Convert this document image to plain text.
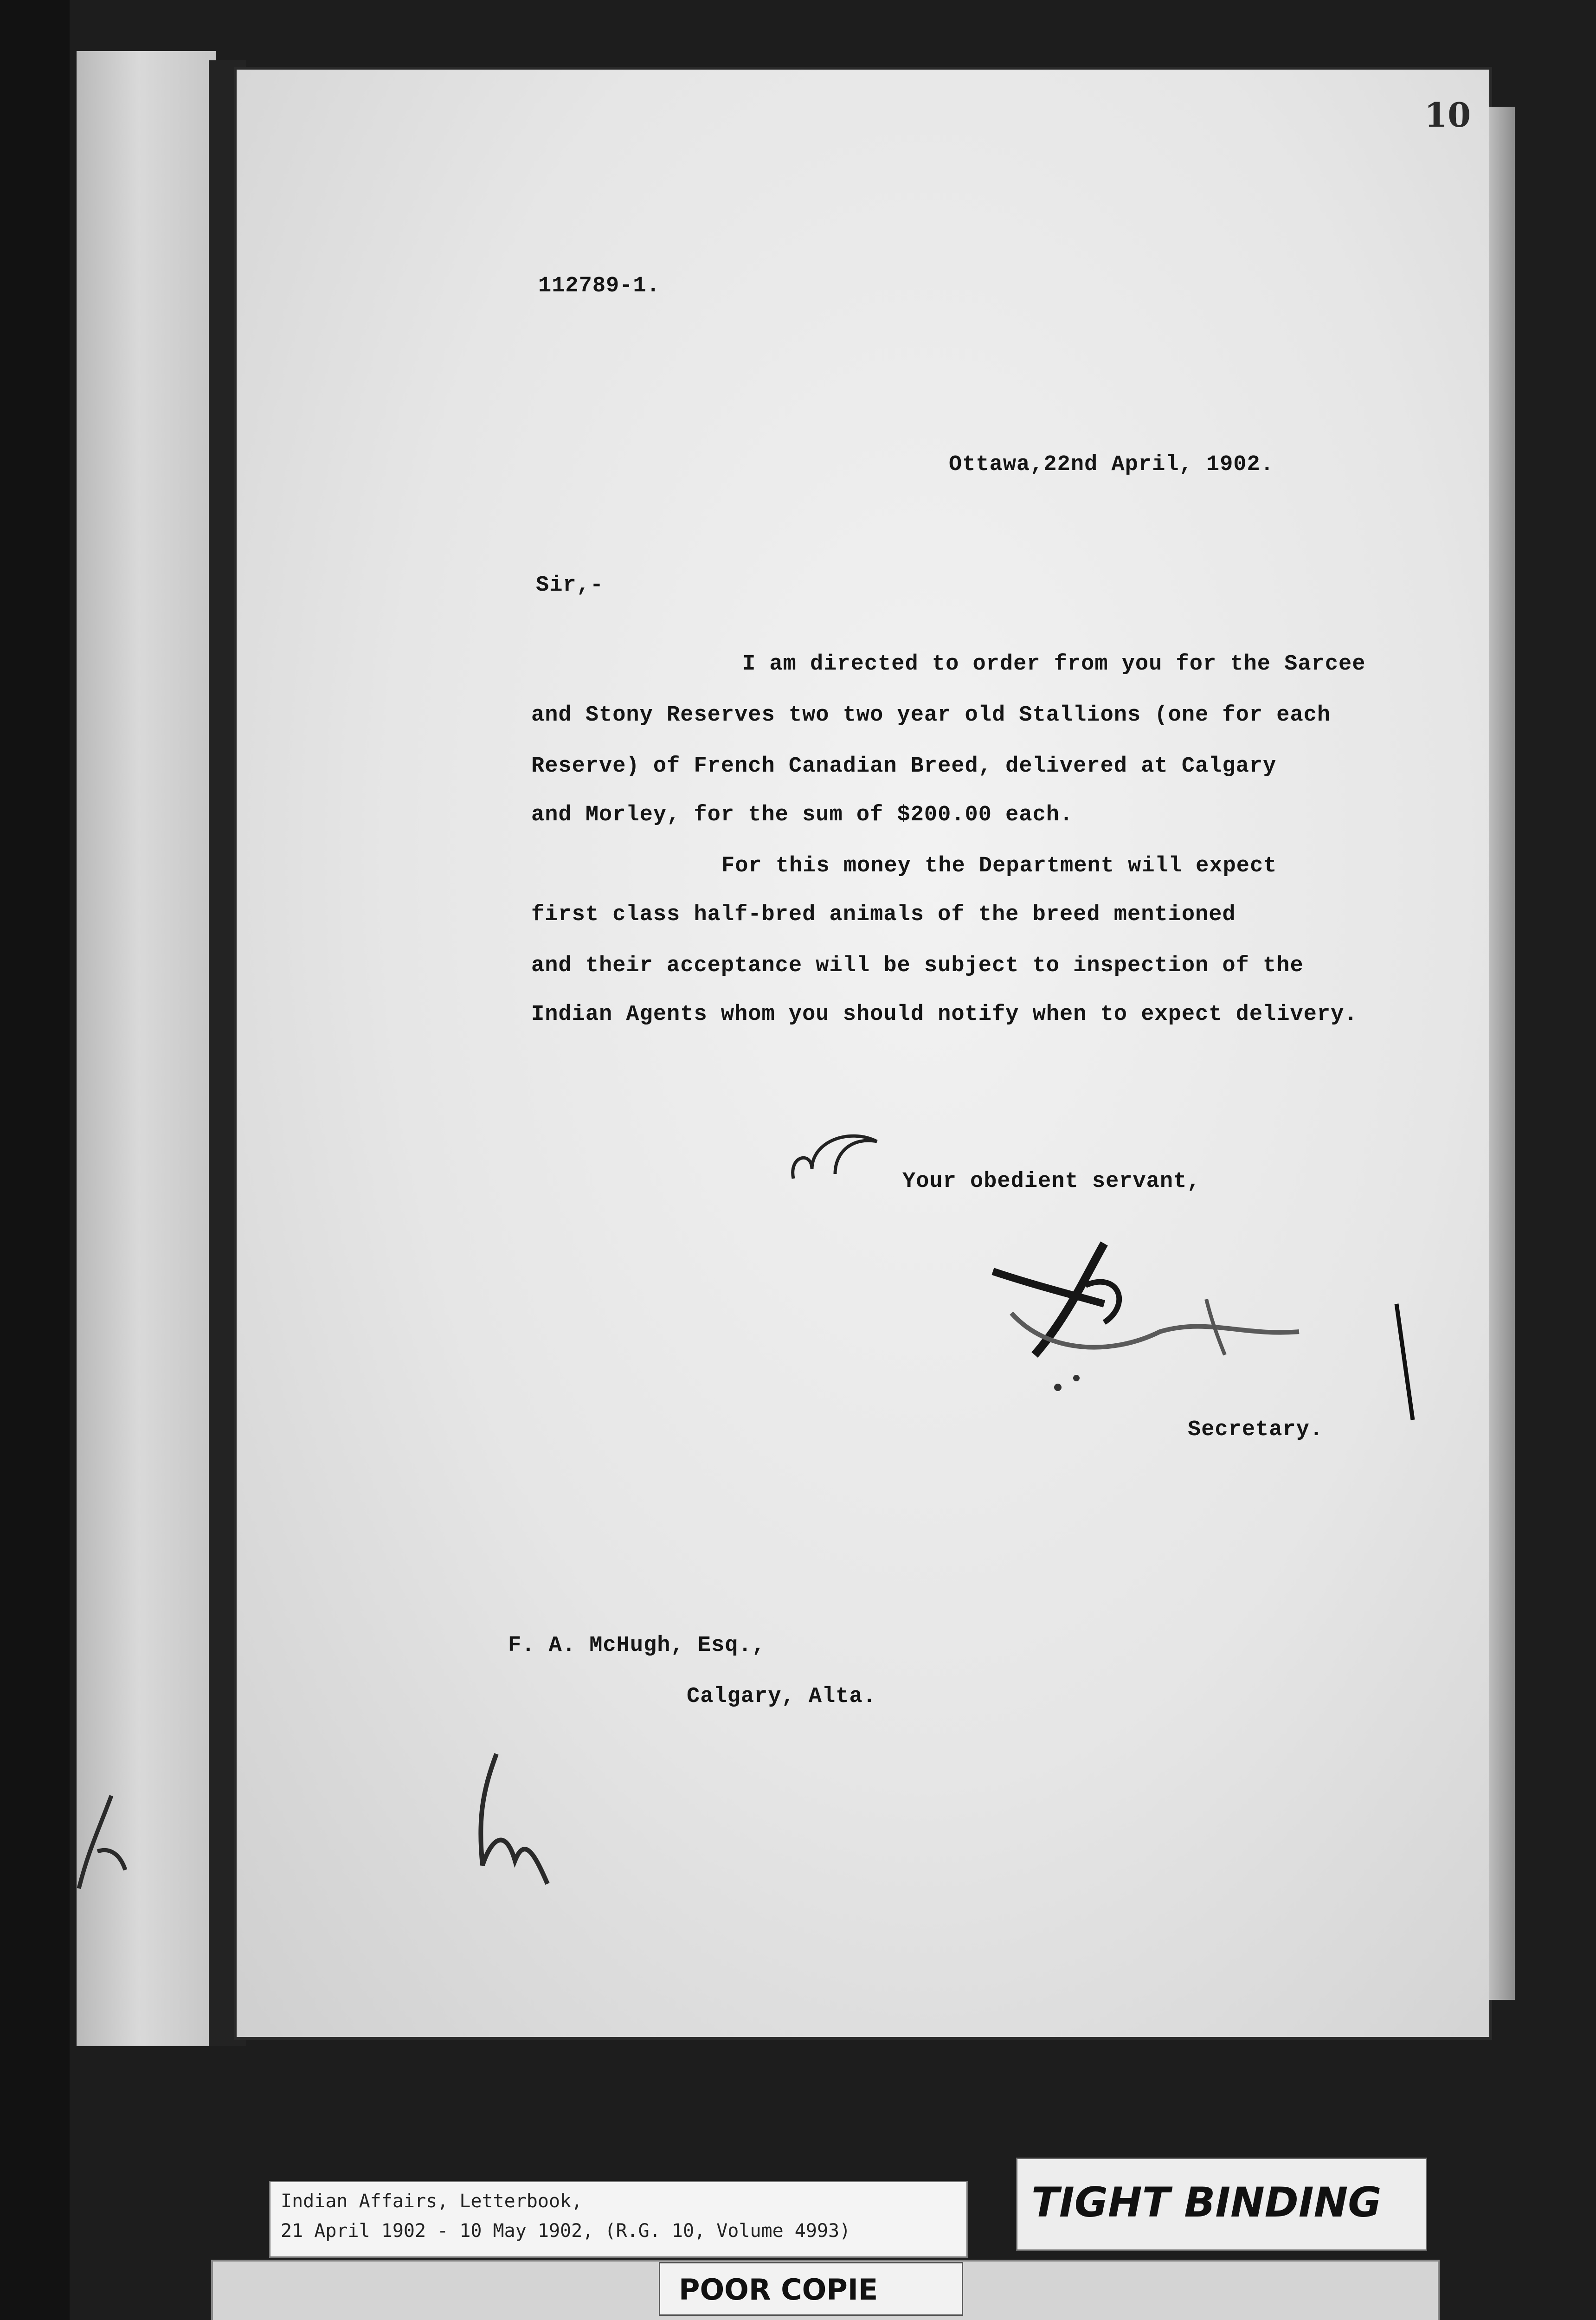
10
112789-1.
Ottawa,22nd April, 1902.
Sir,-
I am directed to order from you for the Sarcee
and Stony Reserves two two year old Stallions (one for each
Reserve) of French Canadian Breed, delivered at Calgary
and Morley, for the sum of $200.00 each.
For this money the Department will expect
first class half-bred animals of the breed mentioned
and their acceptance will be subject to inspection of the
Indian Agents whom you should notify when to expect delivery.
Your obedient servant,
Secretary.
F. A. McHugh, Esq.,
Calgary, Alta.
Indian Affairs, Letterbook,
21 April 1902 - 10 May 1902, (R.G. 10, Volume 4993)
TIGHT BINDING
POOR COPIE
